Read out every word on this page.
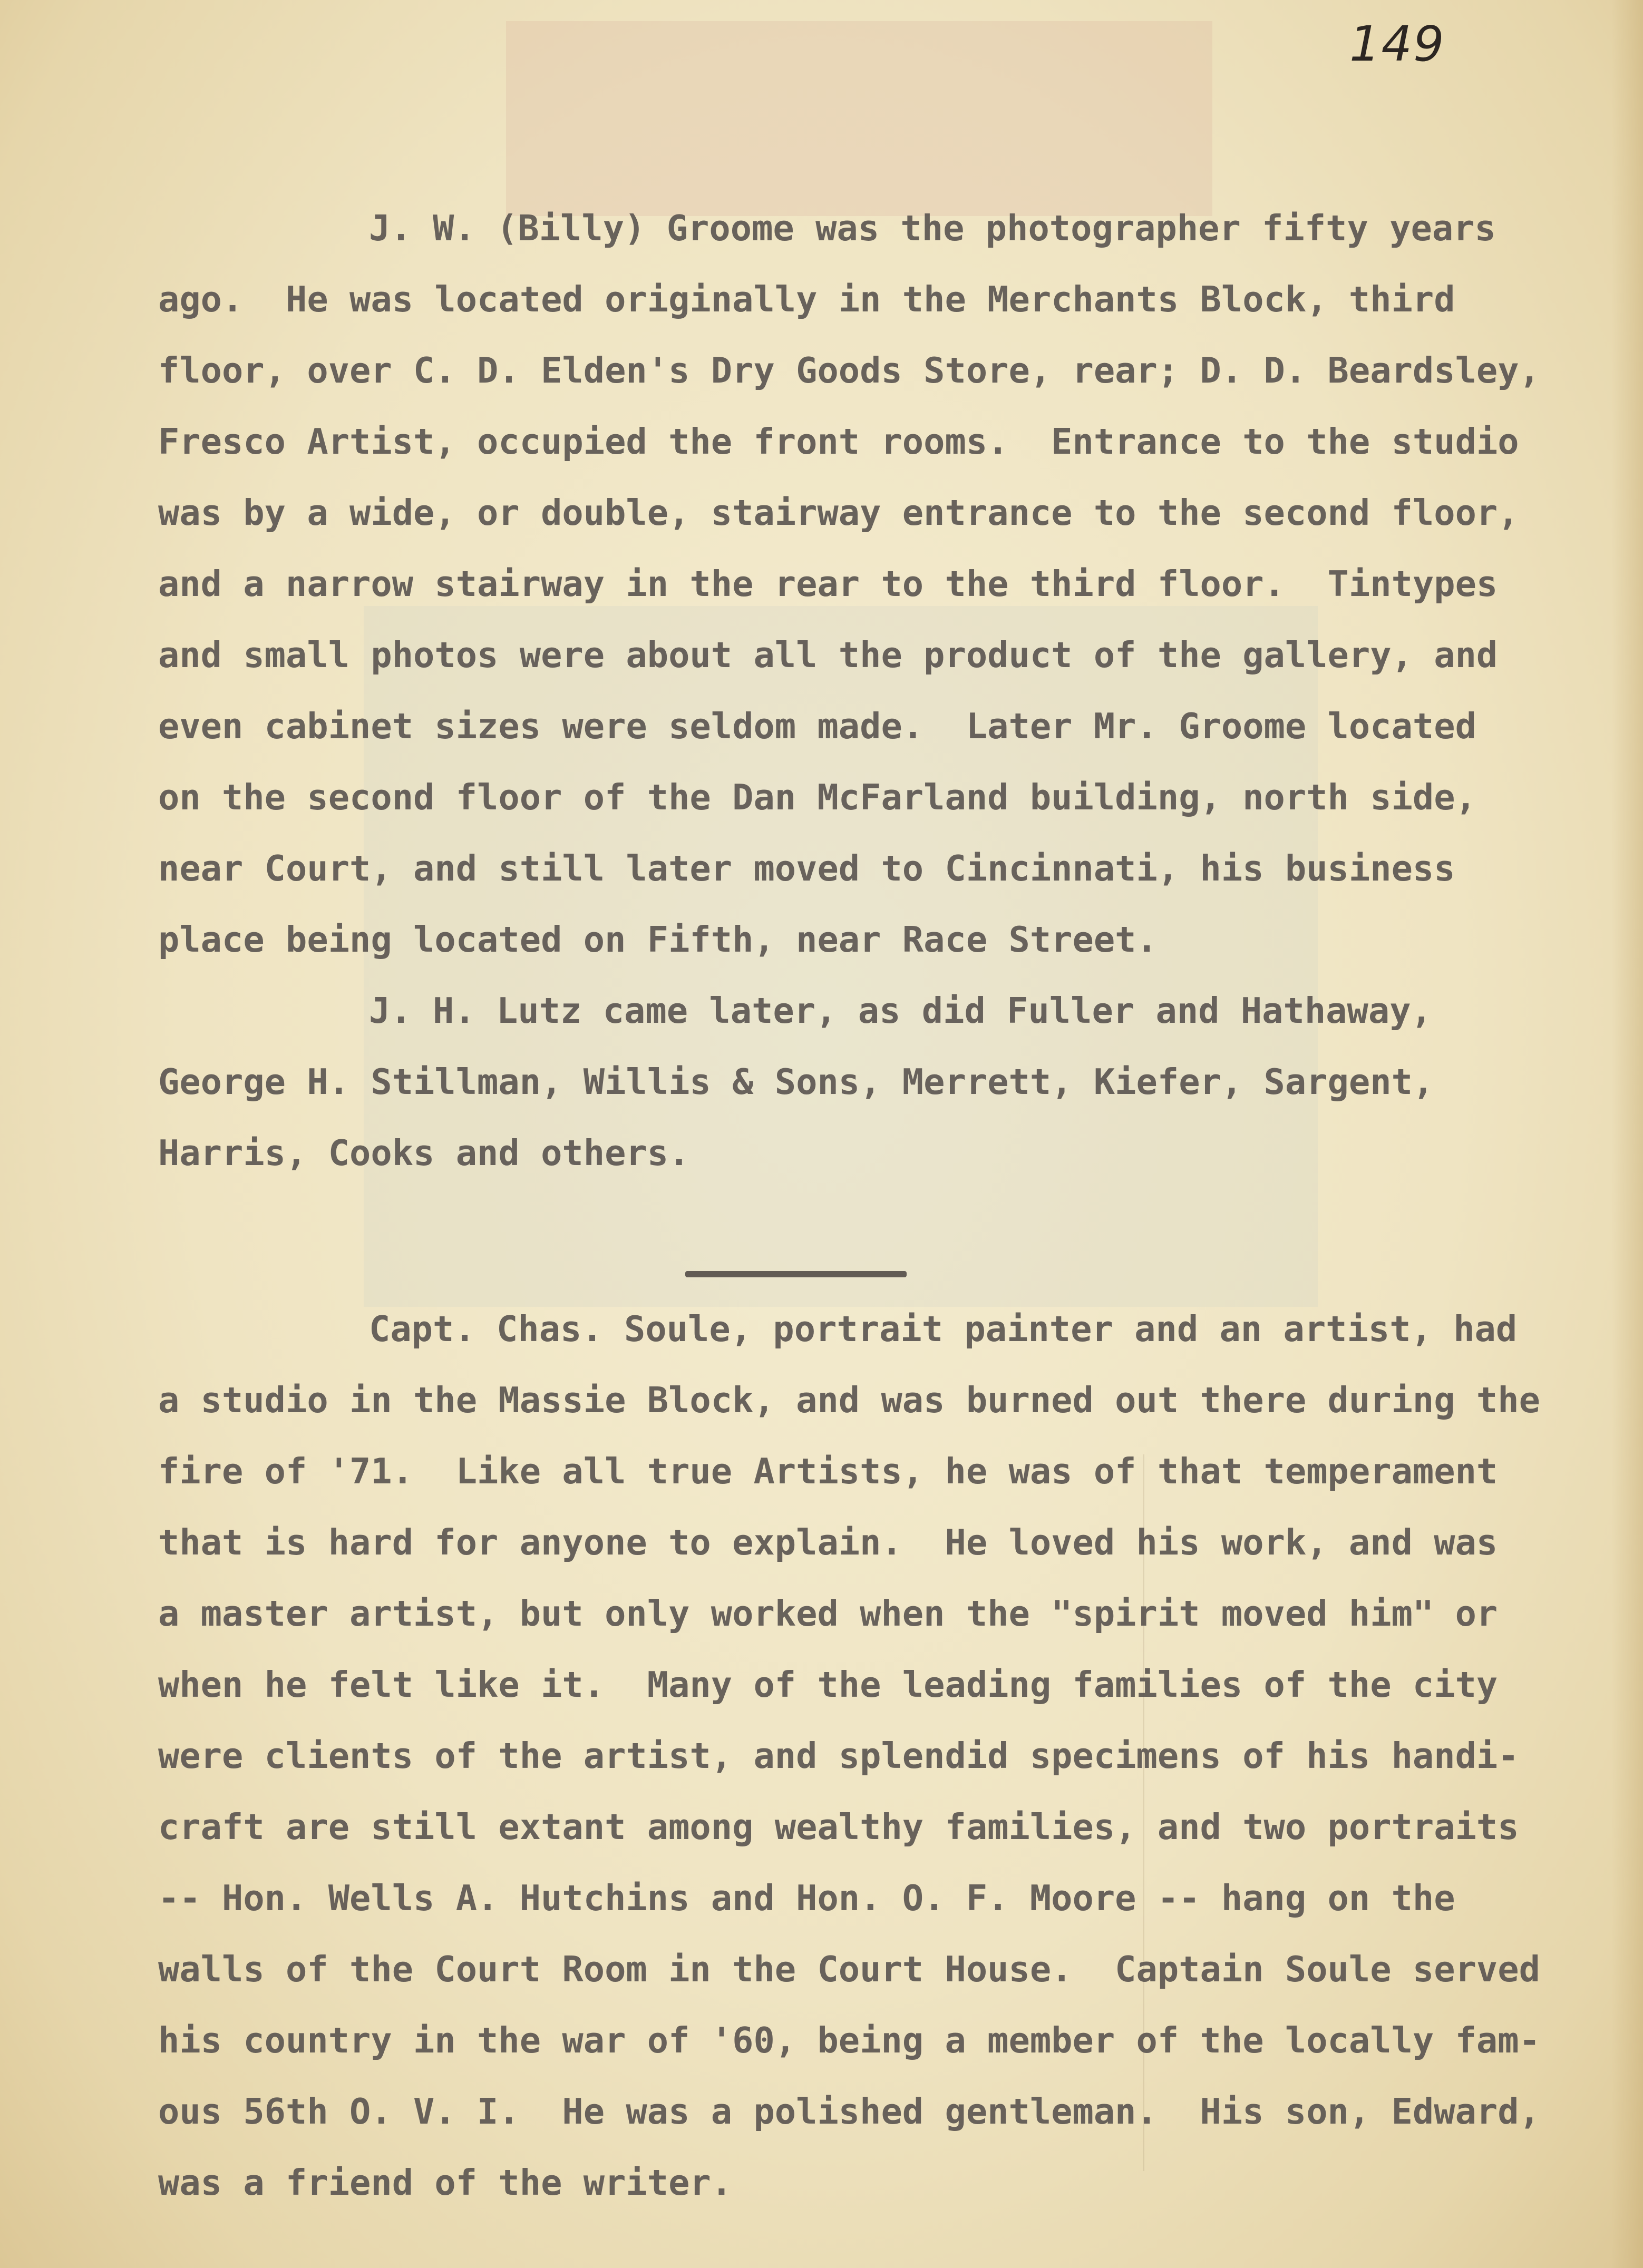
149
J. W. (Billy) Groome was the photographer fifty years
ago.  He was located originally in the Merchants Block, third
floor, over C. D. Elden's Dry Goods Store, rear; D. D. Beardsley,
Fresco Artist, occupied the front rooms.  Entrance to the studio
was by a wide, or double, stairway entrance to the second floor,
and a narrow stairway in the rear to the third floor.  Tintypes
and small photos were about all the product of the gallery, and
even cabinet sizes were seldom made.  Later Mr. Groome located
on the second floor of the Dan McFarland building, north side,
near Court, and still later moved to Cincinnati, his business
place being located on Fifth, near Race Street.
J. H. Lutz came later, as did Fuller and Hathaway,
George H. Stillman, Willis & Sons, Merrett, Kiefer, Sargent,
Harris, Cooks and others.
Capt. Chas. Soule, portrait painter and an artist, had
a studio in the Massie Block, and was burned out there during the
fire of '71.  Like all true Artists, he was of that temperament
that is hard for anyone to explain.  He loved his work, and was
a master artist, but only worked when the "spirit moved him" or
when he felt like it.  Many of the leading families of the city
were clients of the artist, and splendid specimens of his handi-
craft are still extant among wealthy families, and two portraits
-- Hon. Wells A. Hutchins and Hon. O. F. Moore -- hang on the
walls of the Court Room in the Court House.  Captain Soule served
his country in the war of '60, being a member of the locally fam-
ous 56th O. V. I.  He was a polished gentleman.  His son, Edward,
was a friend of the writer.
